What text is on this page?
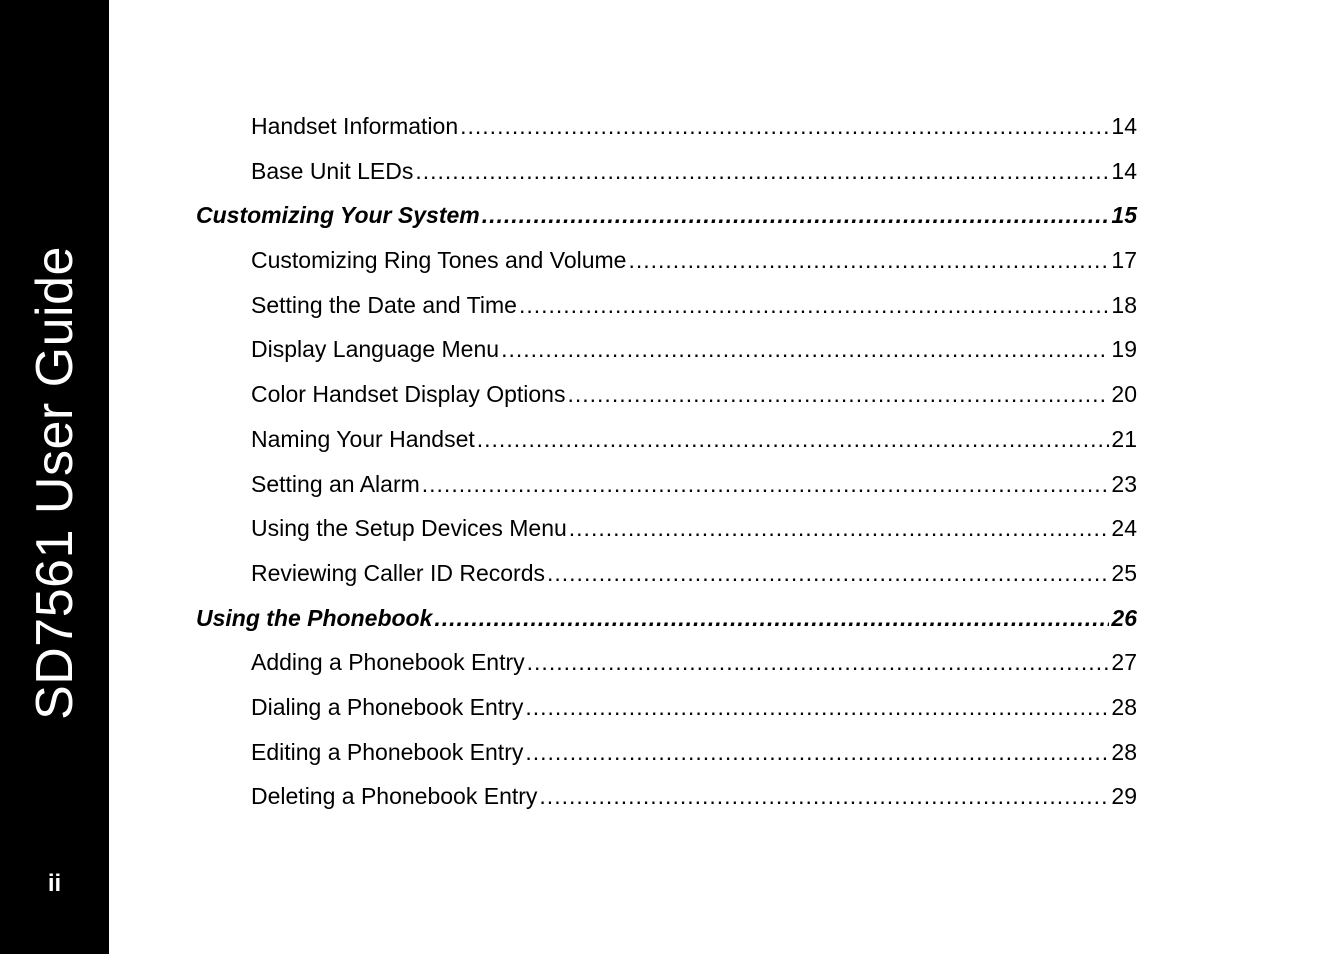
SD7561 User Guide
ii
Handset Information .....	14
Base Unit LEDs .....	14
Customizing Your System .....	15
Customizing Ring Tones and Volume .....	17
Setting the Date and Time .....	18
Display Language Menu .....	19
Color Handset Display Options .....	20
Naming Your Handset .....	21
Setting an Alarm .....	23
Using the Setup Devices Menu .....	24
Reviewing Caller ID Records .....	25
Using the Phonebook .....	26
Adding a Phonebook Entry .....	27
Dialing a Phonebook Entry .....	28
Editing a Phonebook Entry .....	28
Deleting a Phonebook Entry .....	29
